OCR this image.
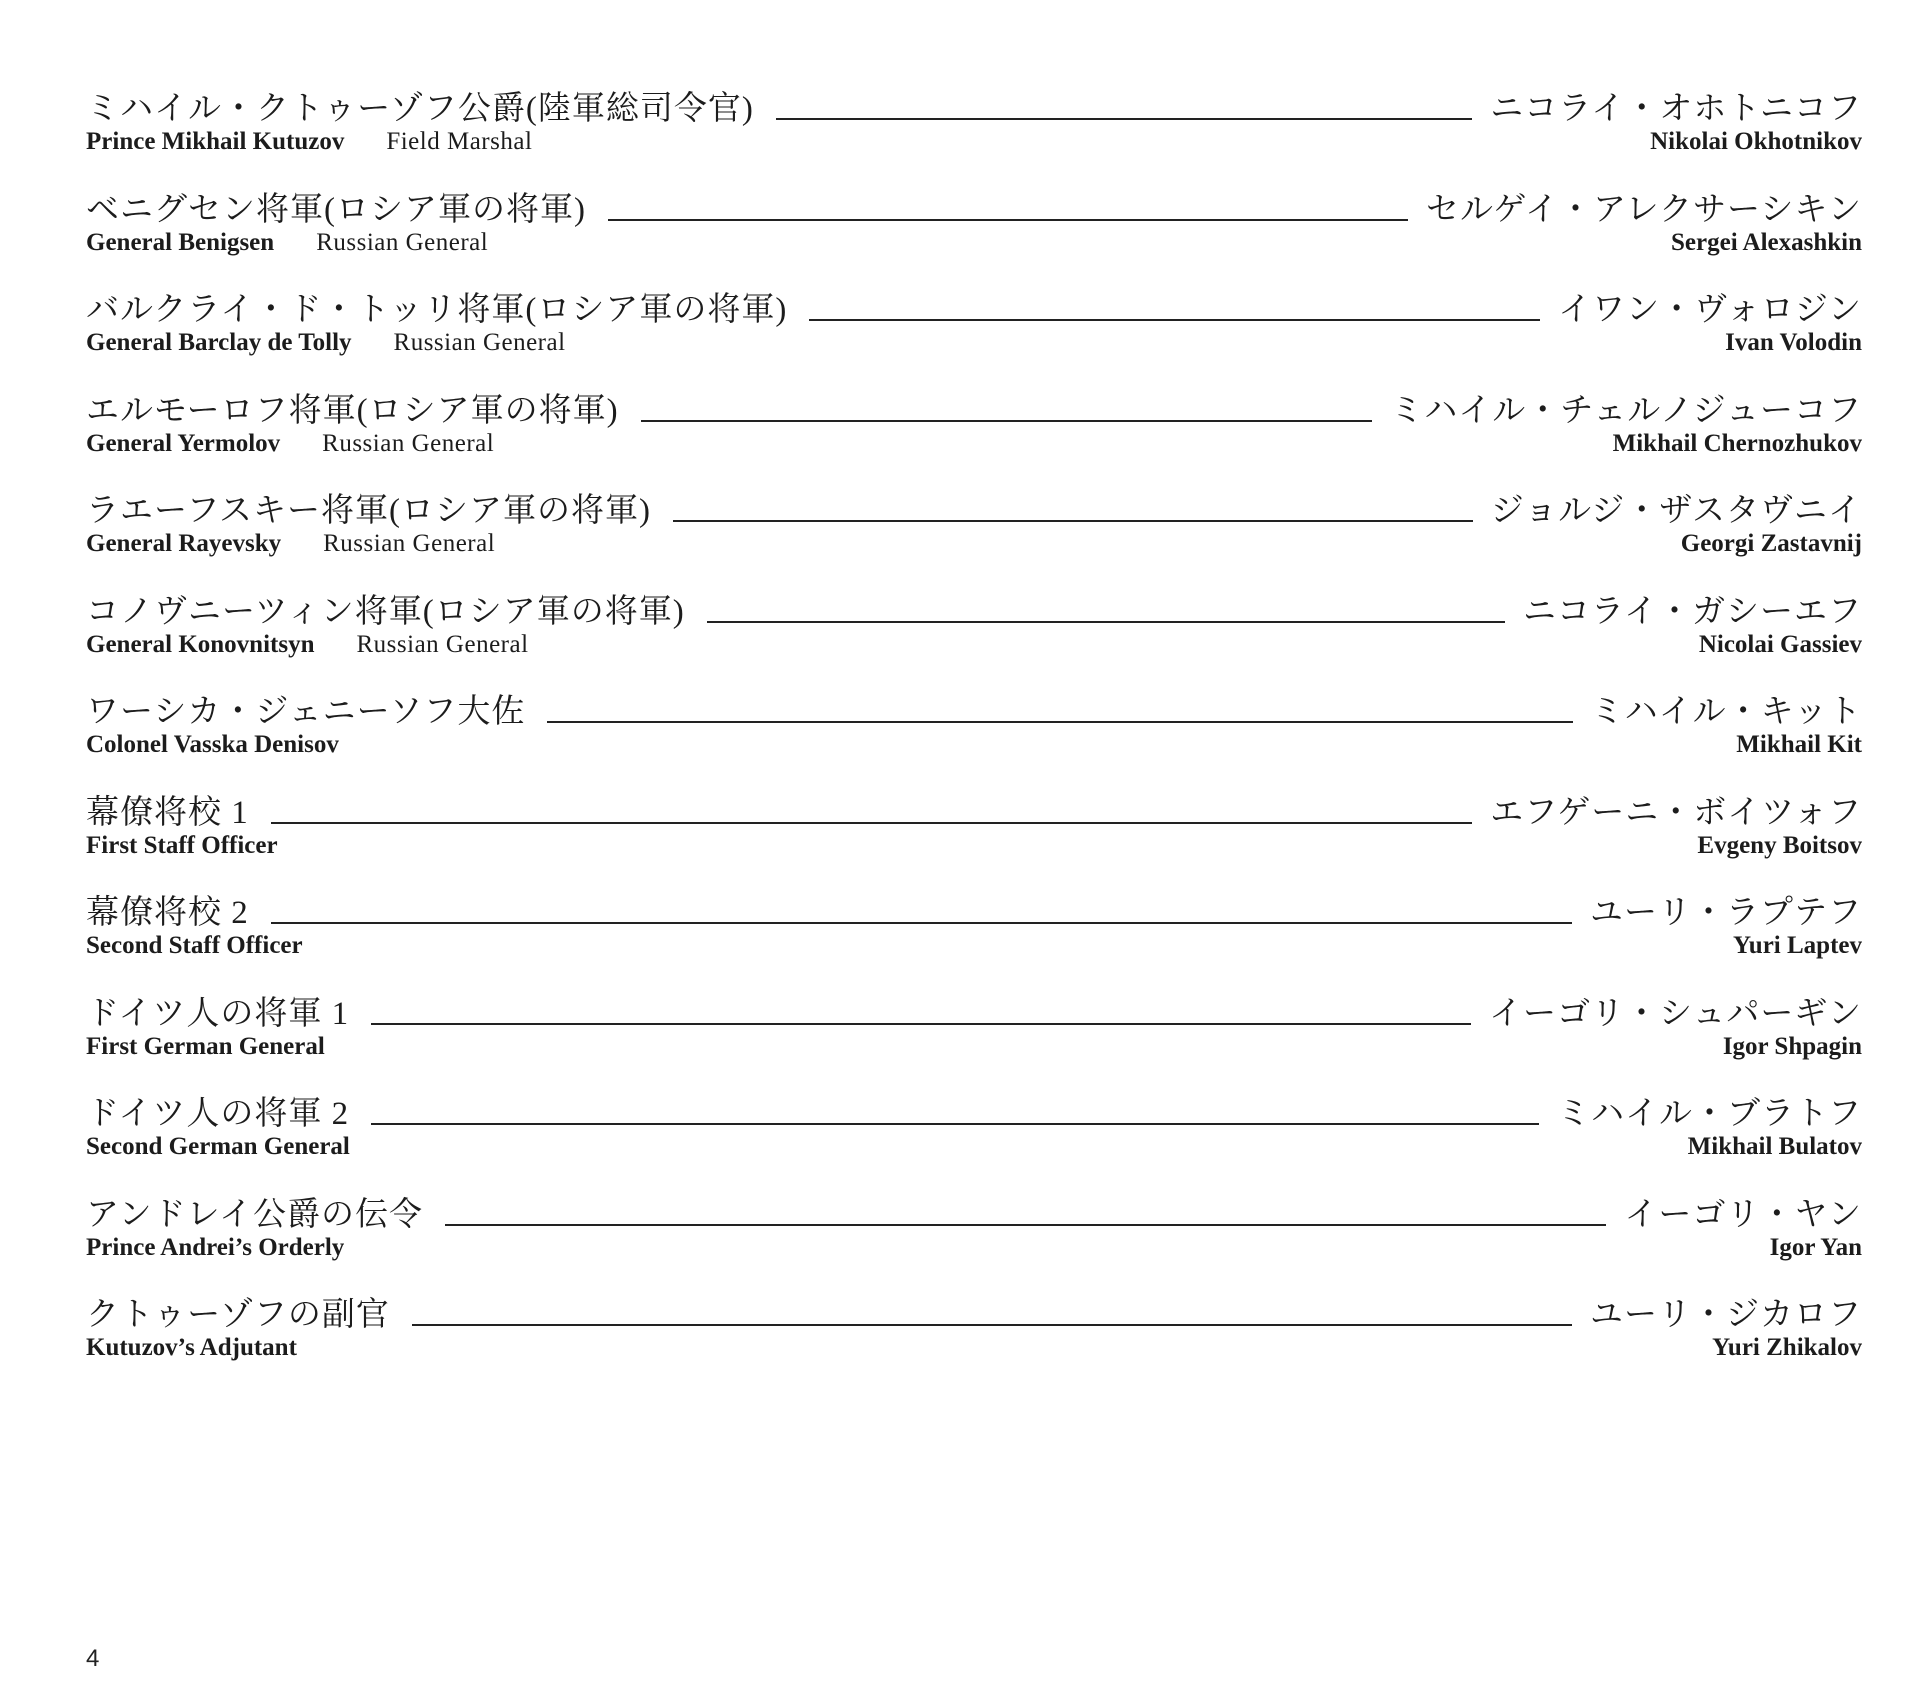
ミハイル・クトゥーゾフ公爵(陸軍総司令官)	ニコライ・オホトニコフ
Prince Mikhail Kutuzov Field Marshal	Nikolai Okhotnikov
ベニグセン将軍(ロシア軍の将軍)	セルゲイ・アレクサーシキン
General Benigsen Russian General	Sergei Alexashkin
バルクライ・ド・トッリ将軍(ロシア軍の将軍)	イワン・ヴォロジン
General Barclay de Tolly Russian General	Ivan Volodin
エルモーロフ将軍(ロシア軍の将軍)	ミハイル・チェルノジューコフ
General Yermolov Russian General	Mikhail Chernozhukov
ラエーフスキー将軍(ロシア軍の将軍)	ジョルジ・ザスタヴニイ
General Rayevsky Russian General	Georgi Zastavnij
コノヴニーツィン将軍(ロシア軍の将軍)	ニコライ・ガシーエフ
General Konovnitsyn Russian General	Nicolai Gassiev
ワーシカ・ジェニーソフ大佐	ミハイル・キット
Colonel Vasska Denisov	Mikhail Kit
幕僚将校 1	エフゲーニ・ボイツォフ
First Staff Officer	Evgeny Boitsov
幕僚将校 2	ユーリ・ラプテフ
Second Staff Officer	Yuri Laptev
ドイツ人の将軍 1	イーゴリ・シュパーギン
First German General	Igor Shpagin
ドイツ人の将軍 2	ミハイル・ブラトフ
Second German General	Mikhail Bulatov
アンドレイ公爵の伝令	イーゴリ・ヤン
Prince Andrei’s Orderly	Igor Yan
クトゥーゾフの副官	ユーリ・ジカロフ
Kutuzov’s Adjutant	Yuri Zhikalov
4
